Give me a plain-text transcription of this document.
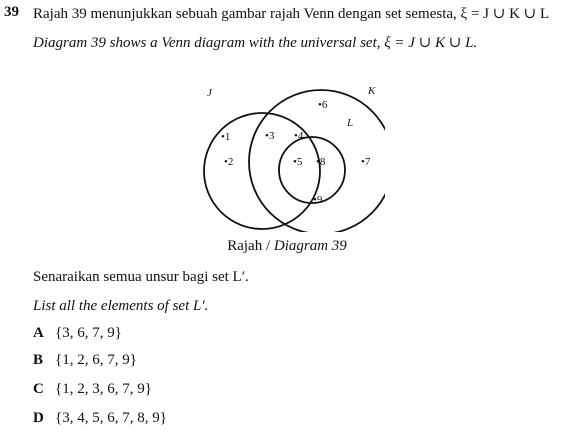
39 Rajah 39 menunjukkan sebuah gambar rajah Venn dengan set semesta, ξ = J ∪ K ∪ L
Diagram 39 shows a Venn diagram with the universal set, ξ = J ∪ K ∪ L.
J	K
L
•1
•2
•3 •4
•5
•6
•7
•8
•9
Rajah / Diagram 39
Senaraikan semua unsur bagi set L′.
List all the elements of set L′.
A {3, 6, 7, 9}
B {1, 2, 6, 7, 9}
C {1, 2, 3, 6, 7, 9}
D {3, 4, 5, 6, 7, 8, 9}
